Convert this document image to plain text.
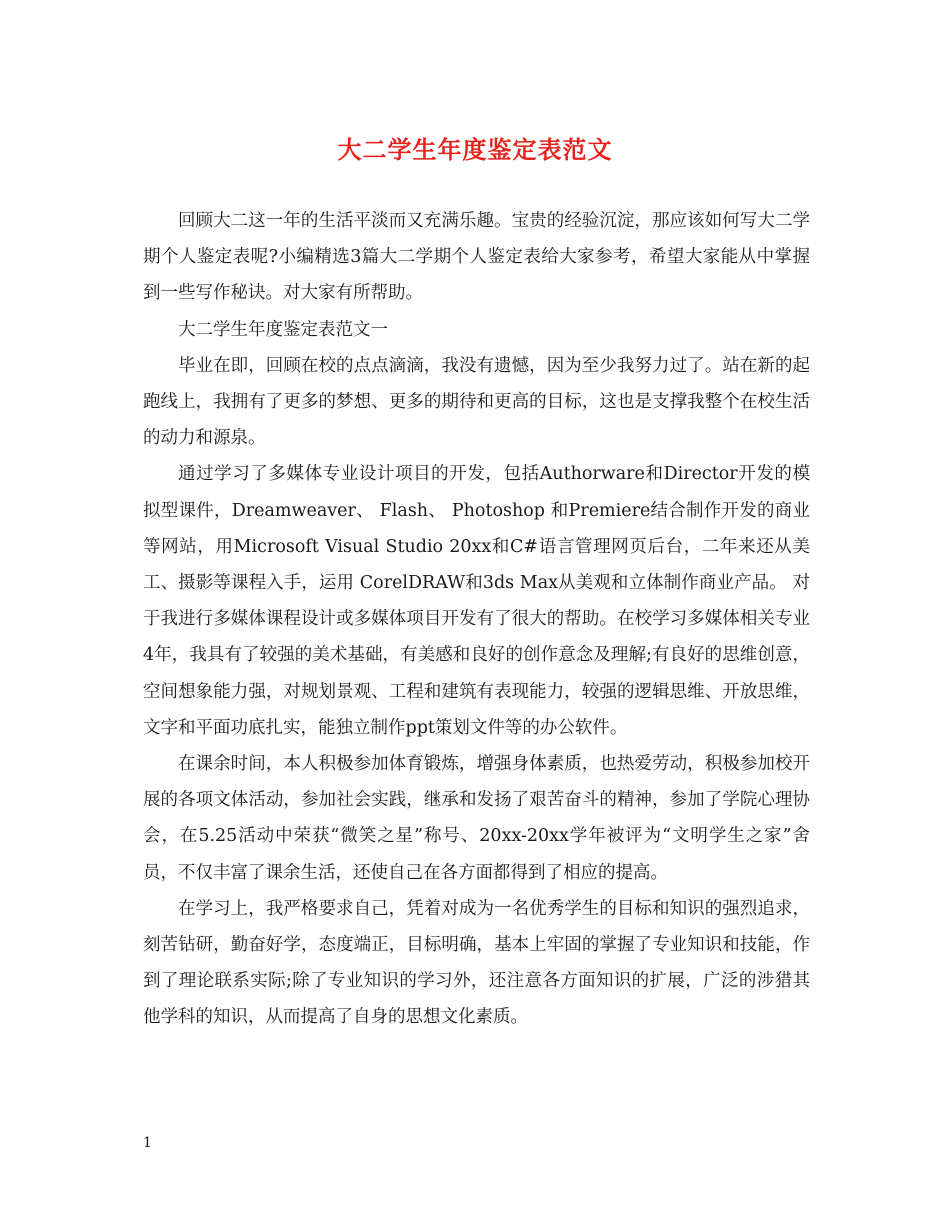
大二学生年度鉴定表范文

回顾大二这一年的生活平淡而又充满乐趣。宝贵的经验沉淀，那应该如何写大二学期个人鉴定表呢?小编精选3篇大二学期个人鉴定表给大家参考，希望大家能从中掌握到一些写作秘诀。对大家有所帮助。

大二学生年度鉴定表范文一

毕业在即，回顾在校的点点滴滴，我没有遗憾，因为至少我努力过了。站在新的起跑线上，我拥有了更多的梦想、更多的期待和更高的目标，这也是支撑我整个在校生活的动力和源泉。

通过学习了多媒体专业设计项目的开发，包括Authorware和Director开发的模拟型课件，Dreamweaver、 Flash、 Photoshop 和Premiere结合制作开发的商业等网站，用Microsoft Visual Studio 20xx和C#语言管理网页后台，二年来还从美工、摄影等课程入手，运用 CorelDRAW和3ds Max从美观和立体制作商业产品。 对于我进行多媒体课程设计或多媒体项目开发有了很大的帮助。在校学习多媒体相关专业4年，我具有了较强的美术基础，有美感和良好的创作意念及理解;有良好的思维创意，空间想象能力强，对规划景观、工程和建筑有表现能力，较强的逻辑思维、开放思维，文字和平面功底扎实，能独立制作ppt策划文件等的办公软件。

在课余时间，本人积极参加体育锻炼，增强身体素质，也热爱劳动，积极参加校开展的各项文体活动，参加社会实践，继承和发扬了艰苦奋斗的精神，参加了学院心理协会，在5.25活动中荣获“微笑之星”称号、20xx-20xx学年被评为“文明学生之家”舍员，不仅丰富了课余生活，还使自己在各方面都得到了相应的提高。

在学习上，我严格要求自己，凭着对成为一名优秀学生的目标和知识的强烈追求，刻苦钻研，勤奋好学，态度端正，目标明确，基本上牢固的掌握了专业知识和技能，作到了理论联系实际;除了专业知识的学习外，还注意各方面知识的扩展，广泛的涉猎其他学科的知识，从而提高了自身的思想文化素质。

1
